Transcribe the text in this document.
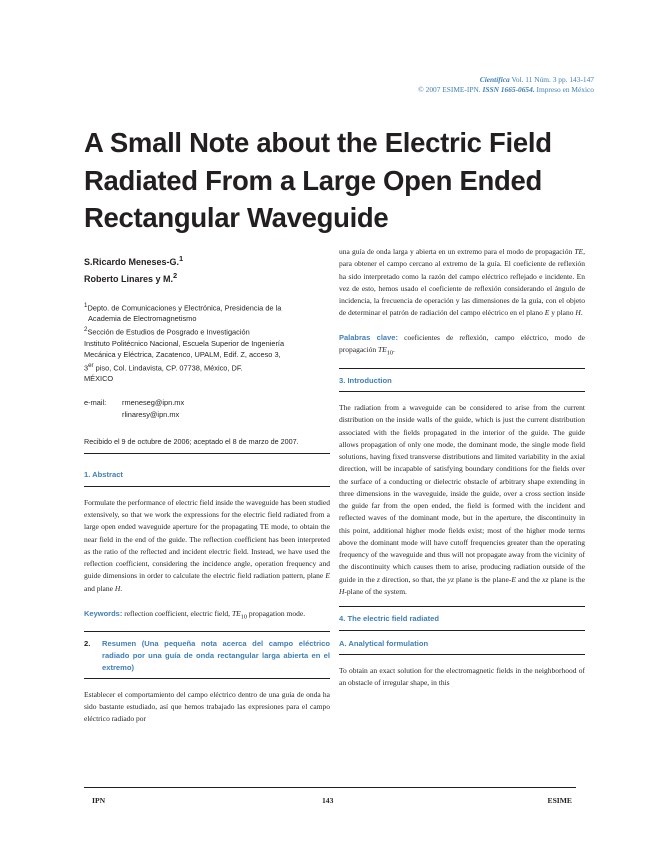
Científica Vol. 11 Núm. 3 pp. 143-147
© 2007 ESIME-IPN. ISSN 1665-0654. Impreso en México
A Small Note about the Electric Field Radiated From a Large Open Ended Rectangular Waveguide
S.Ricardo Meneses-G.$^1$
Roberto Linares y M.$^2$
$^1$Depto. de Comunicaciones y Electrónica, Presidencia de la
Academia de Electromagnetismo
$^2$Sección de Estudios de Posgrado e Investigación
Instituto Politécnico Nacional, Escuela Superior de Ingeniería
Mecánica y Eléctrica, Zacatenco, UPALM, Edif. Z, acceso 3,
3er piso, Col. Lindavista, CP. 07738, México, DF.
MÉXICO
e-mail:	rmeneseg@ipn.mx
rlinaresy@ipn.mx
Recibido el 9 de octubre de 2006; aceptado el 8 de marzo de 2007.
1. Abstract

Formulate the performance of electric field inside the waveguide has been studied extensively, so that we work the expressions for the electric field radiated from a large open ended waveguide aperture for the propagating TE mode, to obtain the near field in the end of the guide. The reflection coefficient has been interpreted as the ratio of the reflected and incident electric field. Instead, we have used the reflection coefficient, considering the incidence angle, operation frequency and guide dimensions in order to calculate the electric field radiation pattern, plane E and plane H.

Keywords: reflection coefficient, electric field, $TE_{10}$ propagation mode.

2.	Resumen (Una pequeña nota acerca del campo eléctrico radiado por una guía de onda rectangular larga abierta en el extremo)

Establecer el comportamiento del campo eléctrico dentro de una guía de onda ha sido bastante estudiado, así que hemos trabajado las expresiones para el campo eléctrico radiado por

una guía de onda larga y abierta en un extremo para el modo de propagación TE, para obtener el campo cercano al extremo de la guía. El coeficiente de reflexión ha sido interpretado como la razón del campo eléctrico reflejado e incidente. En vez de esto, hemos usado el coeficiente de reflexión considerando el ángulo de incidencia, la frecuencia de operación y las dimensiones de la guía, con el objeto de determinar el patrón de radiación del campo eléctrico en el plano E y plano H.

Palabras clave: coeficientes de reflexión, campo eléctrico, modo de propagación $TE_{10}$.

3. Introduction

The radiation from a waveguide can be considered to arise from the current distribution on the inside walls of the guide, which is just the current distribution associated with the fields propagated in the interior of the guide. The guide allows propagation of only one mode, the dominant mode, the single mode field solutions, having fixed transverse distributions and limited variability in the axial direction, will be incapable of satisfying boundary conditions for the fields over the surface of a conducting or dielectric obstacle of arbitrary shape extending in three dimensions in the waveguide, inside the guide, over a cross section inside the guide far from the open ended, the field is formed with the incident and reflected waves of the dominant mode, but in the aperture, the discontinuity in this point, additional higher mode fields exist; most of the higher mode terms above the dominant mode will have cutoff frequencies greater than the operating frequency of the waveguide and thus will not propagate away from the vicinity of the discontinuity which causes them to arise, producing radiation outside of the guide in the z direction, so that, the yz plane is the plane-E and the xz plane is the H-plane of the system.

4. The electric field radiated
A. Analytical formulation

To obtain an exact solution for the electromagnetic fields in the neighborhood of an obstacle of irregular shape, in this

IPN	143	ESIME
